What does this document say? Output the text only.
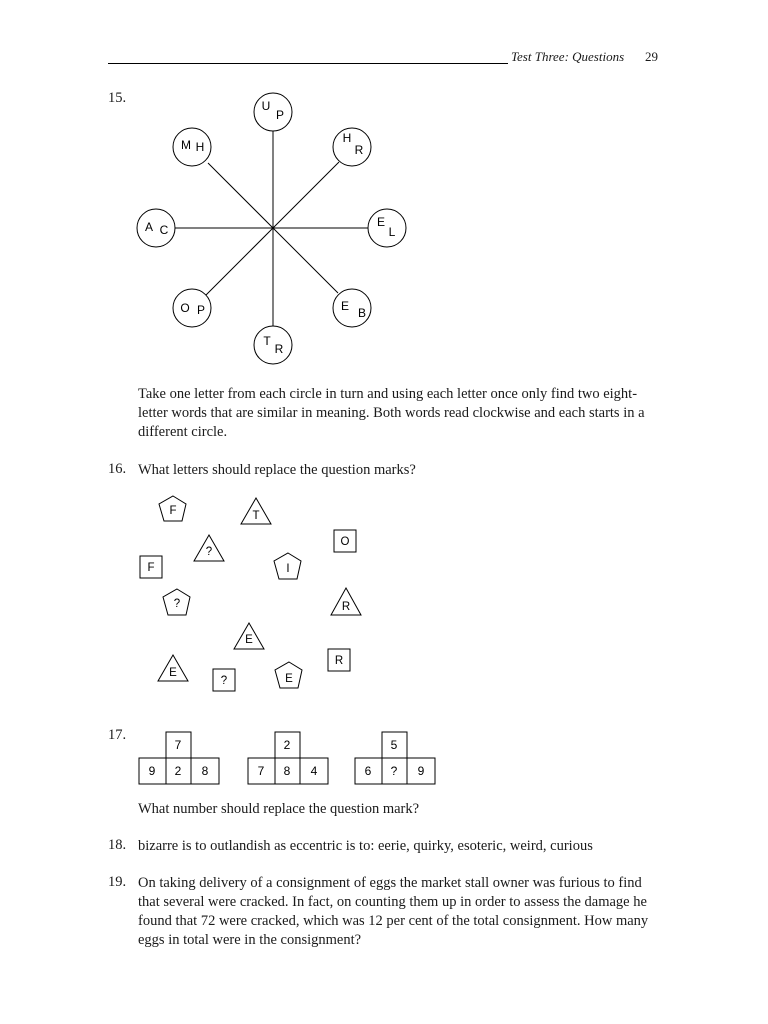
Test Three: Questions 29
15.	U
P
H
R
E
L
E B
T
R
O P
A C
M H

Take one letter from each circle in turn and using each letter once only find two eight-letter words that are similar in meaning. Both words read clockwise and each starts in a different circle.

16. What letters should replace the question marks?

F	T
O
?
F	I
?	R
E
R
E
?	E
17.
7
9 2 8
2
7 8 4
5
6 ? 9

What number should replace the question mark?

18. bizarre is to outlandish as eccentric is to: eerie, quirky, esoteric, weird, curious

19. On taking delivery of a consignment of eggs the market stall owner was furious to find that several were cracked. In fact, on counting them up in order to assess the damage he found that 72 were cracked, which was 12 per cent of the total consignment. How many eggs in total were in the consignment?
